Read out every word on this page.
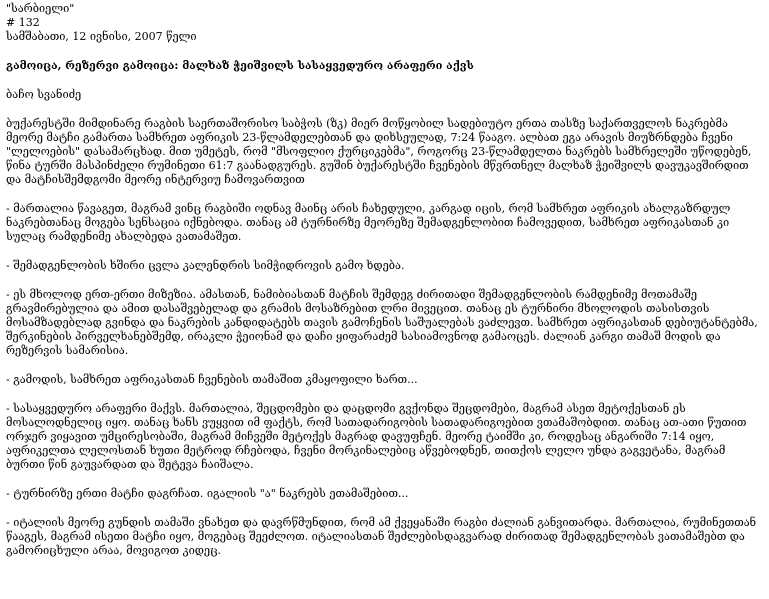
"სარბიელი"
# 132
სამშაბათი, 12 ივნისი, 2007 წელი
გამოიცა, რეზერვი გამოიცა: მალხაზ ჭეიშვილს სასაყვედურო არაფერი აქვს
ბაჩო სვანიძე

ბუქარესტში მიმდინარე რაგბის საერთაშორისო საბჭოს (ზკ) მიერ მოწყობილ სადებიუტო ერთა თასზე საქართველოს ნაკრებმა მეორე მატჩი გამართა სამხრეთ აფრიკის 23-წლამდელებთან და დიხსეულად, 7:24 წააგო. ალბათ ეგა არავის მიუზრნდება ჩვენი "ლელოების" დასამარცხად. მით უმეტეს, რომ "მსოფლიო ქურციკებმა", როგორც 23-წლამდელთა ნაკრებს სამხრელეში უწოდებენ, წინა ტურში მასპინძელი რუმინეთი 61:7 გაანადგურეს. გუშინ ბუქარესტში ჩვენების მწვრთნელ მალხაზ ჭეიშვილს დავუკავშირდით და მატჩისშემდგომი მეორე ინტერვიუ ჩამოვართვით

- მართალია წავაგეთ, მაგრამ ვინც რაგბიში ოდნავ მაინც არის ჩახედული, კარგად იცის, რომ სამხრეთ აფრიკის ახალგაზრდულ ნაკრებთანაც მოგება სენსაცია იქნებოდა. თანაც ამ ტურნირზე მეორეზე შემადგენლობით ჩამოვედით, სამხრეთ აფრიკასთან კი სულაც რამდენიმე ახალბედა ვათამაშეთ.

- შემადგენლობის ხშირი ცვლა კალენდრის სიმჭიდროვის გამო ხდება.

- ეს მხოლოდ ერთ-ერთი მიზეზია. ამასთან, ნამიბიასთან მატჩის შემდეგ ძირითადი შემადგენლობის რამდენიმე მოთამაშე გრავმირებულია და ამით დასაშვებელად და გრამის მოსაზრებით ლრი მივეცით. თანაც ეს ტურნირი მხოლოდის თასისთვის მოსამზადებლად გვინდა და ნაკრების კანდიდატებს თავის გამოჩენის საშუალებას ვაძლევთ. სამხრეთ აფრიკასთან დებიუტანტებმა, შერკინების პირველხანებშემდ, ირაკლი ჭეიონამ და დაჩი ყიფარაძემ სასიამოვნოდ გამაოცეს. ძალიან კარგი თამაშ მოდის და რეზერვის სამარისია.

- გამოდის, სამხრეთ აფრიკასთან ჩვენების თამაშით კმაყოფილი ხართ...

- სასაყვედურო არაფერი მაქვს. მართალია, შეცდომები და დაცდომი გვქონდა შეცდომები, მაგრამ ასეთ მეტოქესთან ეს მოსალოდნელიც იყო. თანაც ხანს ვუყვით იმ ფაქტს, რომ სათადარიგობის სათადარიგოებით ვთამაშობდით. თანაც ათ-ათი წუთით ორჯერ ვიყავით უმცირესობაში, მაგრამ მიჩვეში მეტოქეს მაგრად დავუფჩენ. მეორე ტაიმში კი, როდესაც ანგარიში 7:14 იყო, აფრიკელთა ლელოსთან ხუთი მეტროდ რჩებოდა, ჩვენი მორკინალებიც აწვებოდნენ, თითქოს ლელო უნდა გაგვეტანა, მაგრამ ბურთი წინ გაუვარდათ და შეტევა ჩაიშალა.

- ტურნირზე ერთი მატჩი დაგრჩათ. იგალიის "ა" ნაკრებს ეთამაშებით...

- იტალიის მეორე გუნდის თამაში ვნახეთ და დავრწმუნდით, რომ ამ ქვეყანაში რაგბი ძალიან განვითარდა. მართალია, რუმინეთთან წააგეს, მაგრამ ისეთი მატჩი იყო, მოგებაც შეეძლოთ. იტალიასთან შეძლებისდაგვარად ძირითად შემადგენლობას ვათამაშებთ და გამორიცხული არაა, მოვიგოთ კიდეც.
